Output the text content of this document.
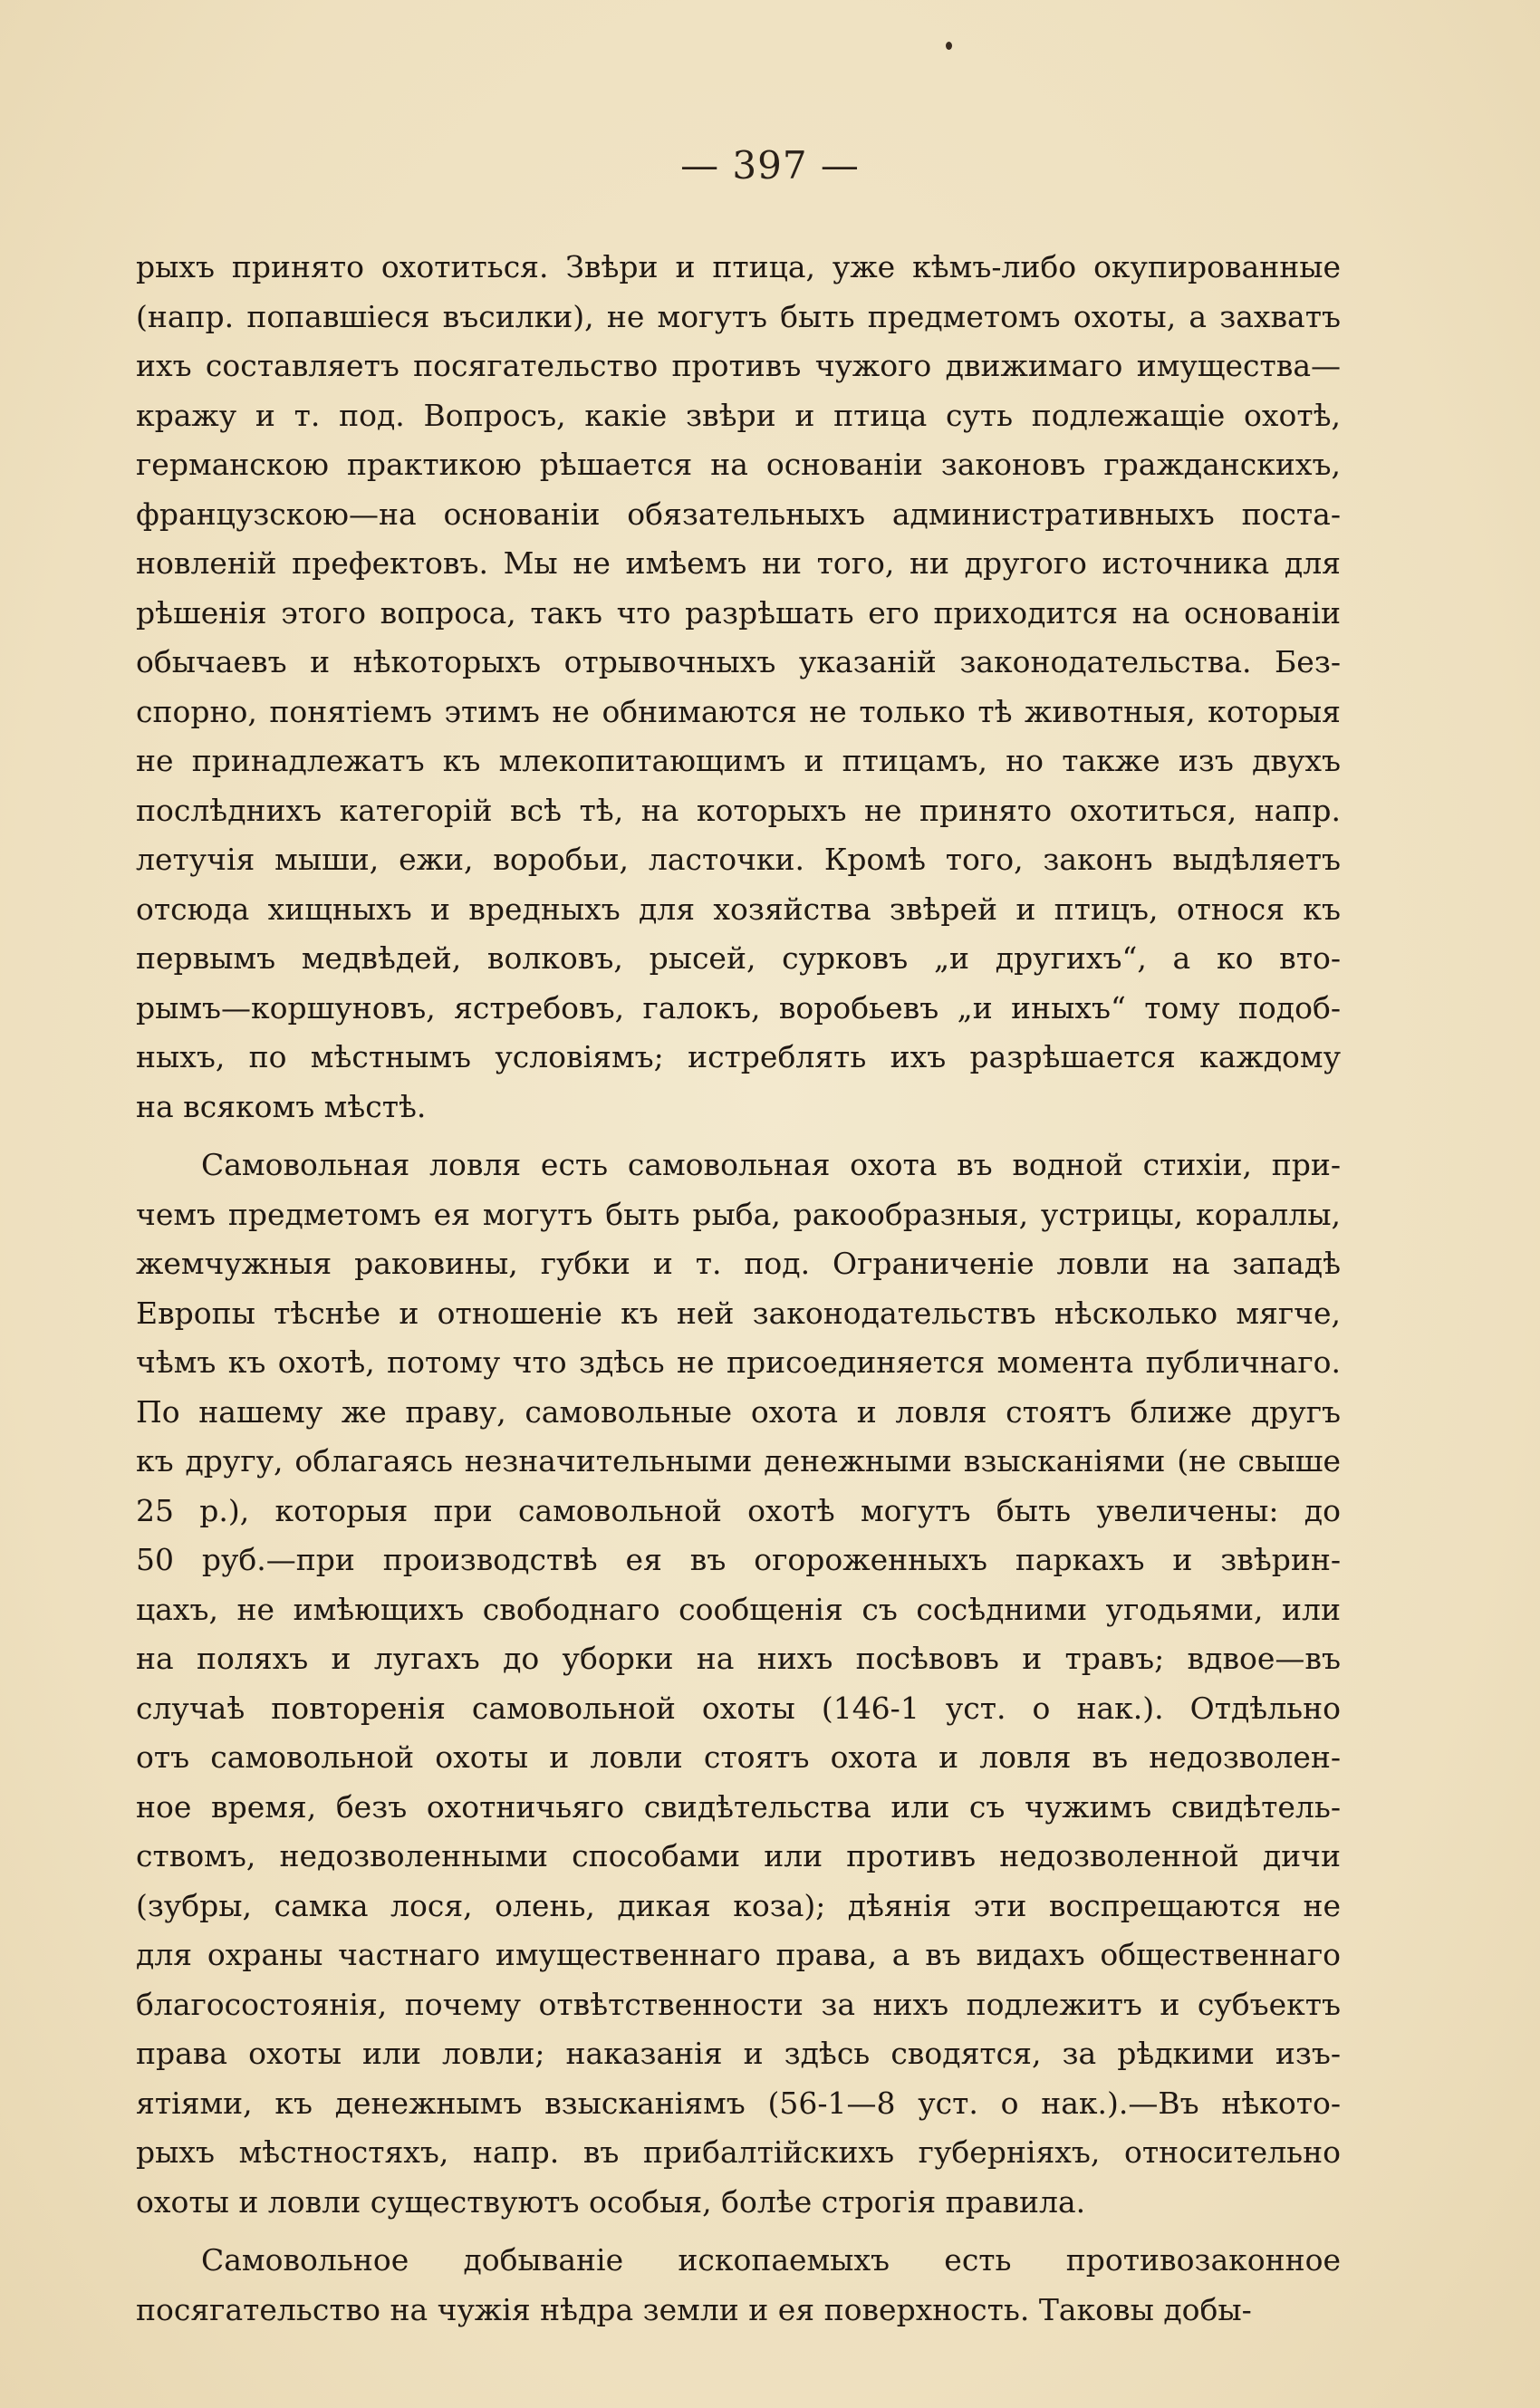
— 397 —
рыхъ принято охотиться. Звѣри и птица, уже кѣмъ-либо окупированные
(напр. попавшіеся въсилки), не могутъ быть предметомъ охоты, а захватъ
ихъ составляетъ посягательство противъ чужого движимаго имущества—
кражу и т. под. Вопросъ, какіе звѣри и птица суть подлежащіе охотѣ,
германскою практикою рѣшается на основаніи законовъ гражданскихъ,
французскою—на основаніи обязательныхъ административныхъ поста-
новленій префектовъ. Мы не имѣемъ ни того, ни другого источника для
рѣшенія этого вопроса, такъ что разрѣшать его приходится на основаніи
обычаевъ и нѣкоторыхъ отрывочныхъ указаній законодательства. Без-
спорно, понятіемъ этимъ не обнимаются не только тѣ животныя, которыя
не принадлежатъ къ млекопитающимъ и птицамъ, но также изъ двухъ
послѣднихъ категорій всѣ тѣ, на которыхъ не принято охотиться, напр.
летучія мыши, ежи, воробьи, ласточки. Кромѣ того, законъ выдѣляетъ
отсюда хищныхъ и вредныхъ для хозяйства звѣрей и птицъ, относя къ
первымъ медвѣдей, волковъ, рысей, сурковъ „и другихъ“, а ко вто-
рымъ—коршуновъ, ястребовъ, галокъ, воробьевъ „и иныхъ“ тому подоб-
ныхъ, по мѣстнымъ условіямъ; истреблять ихъ разрѣшается каждому
на всякомъ мѣстѣ.
Самовольная ловля есть самовольная охота въ водной стихіи, при-
чемъ предметомъ ея могутъ быть рыба, ракообразныя, устрицы, кораллы,
жемчужныя раковины, губки и т. под. Ограниченіе ловли на западѣ
Европы тѣснѣе и отношеніе къ ней законодательствъ нѣсколько мягче,
чѣмъ къ охотѣ, потому что здѣсь не присоединяется момента публичнаго.
По нашему же праву, самовольные охота и ловля стоятъ ближе другъ
къ другу, облагаясь незначительными денежными взысканіями (не свыше
25 р.), которыя при самовольной охотѣ могутъ быть увеличены: до
50 руб.—при производствѣ ея въ огороженныхъ паркахъ и звѣрин-
цахъ, не имѣющихъ свободнаго сообщенія съ сосѣдними угодьями, или
на поляхъ и лугахъ до уборки на нихъ посѣвовъ и травъ; вдвое—въ
случаѣ повторенія самовольной охоты (146-1 уст. о нак.). Отдѣльно
отъ самовольной охоты и ловли стоятъ охота и ловля въ недозволен-
ное время, безъ охотничьяго свидѣтельства или съ чужимъ свидѣтель-
ствомъ, недозволенными способами или противъ недозволенной дичи
(зубры, самка лося, олень, дикая коза); дѣянія эти воспрещаются не
для охраны частнаго имущественнаго права, а въ видахъ общественнаго
благосостоянія, почему отвѣтственности за нихъ подлежитъ и субъектъ
права охоты или ловли; наказанія и здѣсь сводятся, за рѣдкими изъ-
ятіями, къ денежнымъ взысканіямъ (56-1—8 уст. о нак.).—Въ нѣкото-
рыхъ мѣстностяхъ, напр. въ прибалтійскихъ губерніяхъ, относительно
охоты и ловли существуютъ особыя, болѣе строгія правила.
Самовольное добываніе ископаемыхъ есть противозаконное
посягательство на чужія нѣдра земли и ея поверхность. Таковы добы-
